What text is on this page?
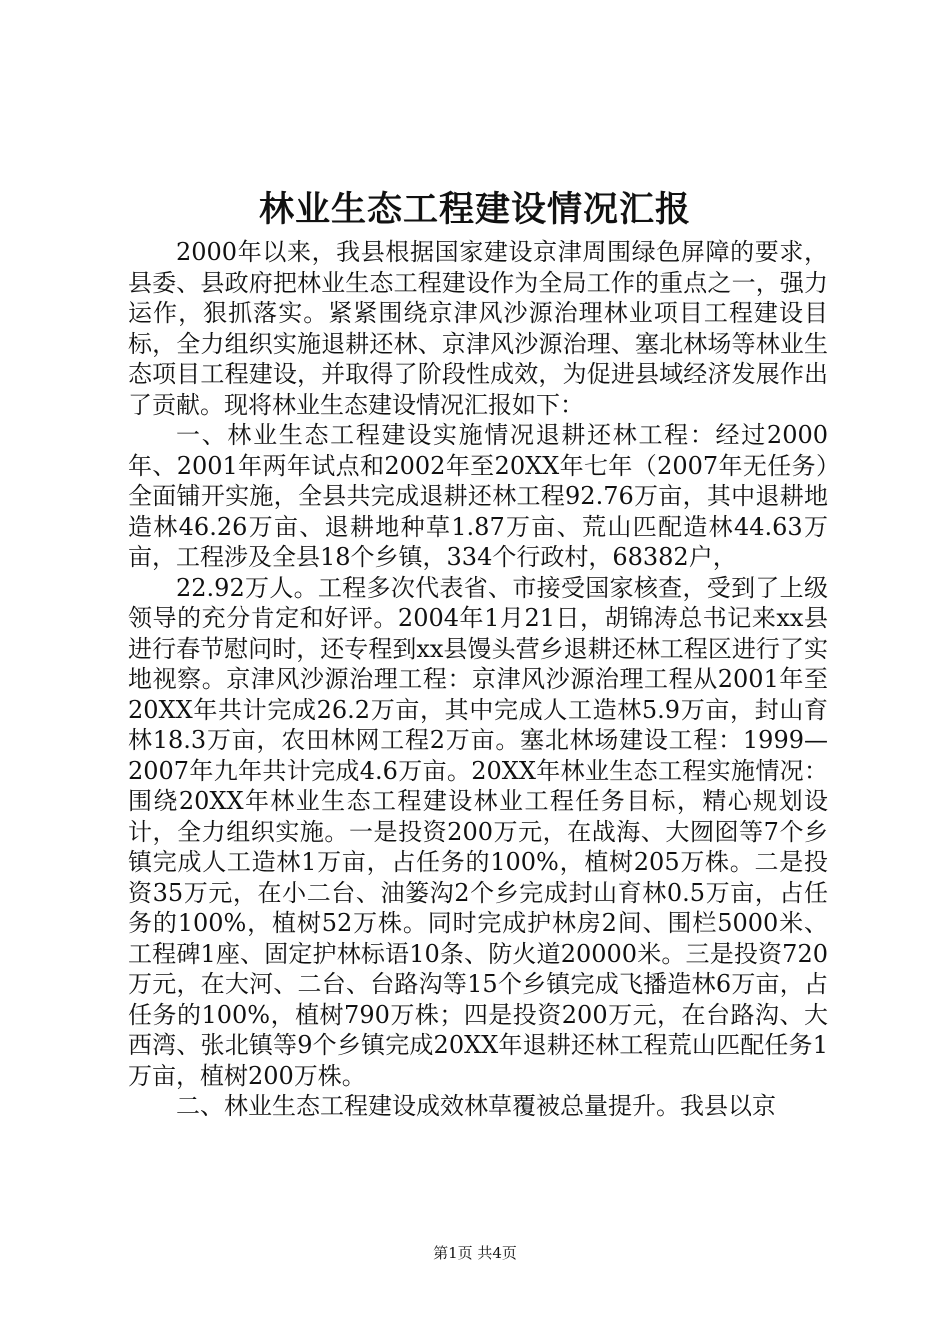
林业生态工程建设情况汇报

2000年以来，我县根据国家建设京津周围绿色屏障的要求，县委、县政府把林业生态工程建设作为全局工作的重点之一，强力运作，狠抓落实。紧紧围绕京津风沙源治理林业项目工程建设目标，全力组织实施退耕还林、京津风沙源治理、塞北林场等林业生态项目工程建设，并取得了阶段性成效，为促进县域经济发展作出了贡献。现将林业生态建设情况汇报如下：

一、林业生态工程建设实施情况退耕还林工程：经过2000年、2001年两年试点和2002年至20XX年七年（2007年无任务）全面铺开实施，全县共完成退耕还林工程92.76万亩，其中退耕地造林46.26万亩、退耕地种草1.87万亩、荒山匹配造林44.63万亩，工程涉及全县18个乡镇，334个行政村，68382户，

22.92万人。工程多次代表省、市接受国家核查，受到了上级领导的充分肯定和好评。2004年1月21日，胡锦涛总书记来xx县进行春节慰问时，还专程到xx县馒头营乡退耕还林工程区进行了实地视察。京津风沙源治理工程：京津风沙源治理工程从2001年至20XX年共计完成26.2万亩，其中完成人工造林5.9万亩，封山育林18.3万亩，农田林网工程2万亩。塞北林场建设工程：1999—2007年九年共计完成4.6万亩。20XX年林业生态工程实施情况：围绕20XX年林业生态工程建设林业工程任务目标，精心规划设计，全力组织实施。一是投资200万元，在战海、大囫囵等7个乡镇完成人工造林1万亩，占任务的100%，植树205万株。二是投资35万元，在小二台、油篓沟2个乡完成封山育林0.5万亩，占任务的100%，植树52万株。同时完成护林房2间、围栏5000米、工程碑1座、固定护林标语10条、防火道20000米。三是投资720万元，在大河、二台、台路沟等15个乡镇完成飞播造林6万亩，占任务的100%，植树790万株；四是投资200万元，在台路沟、大西湾、张北镇等9个乡镇完成20XX年退耕还林工程荒山匹配任务1万亩，植树200万株。

二、林业生态工程建设成效林草覆被总量提升。我县以京

第1页 共4页
